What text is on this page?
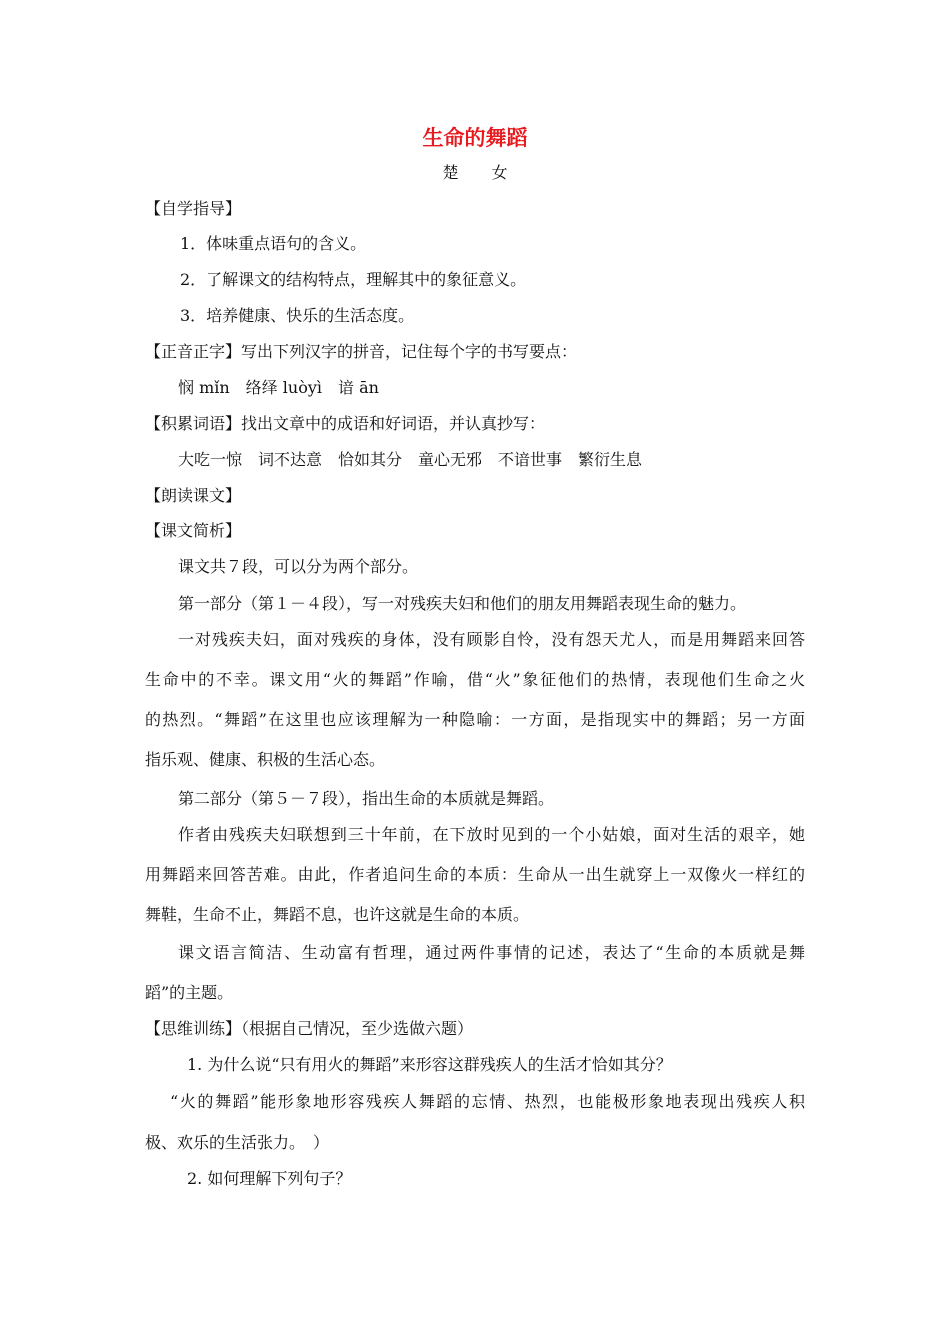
生命的舞蹈
楚 女
【自学指导】
1．体味重点语句的含义。
2．了解课文的结构特点，理解其中的象征意义。
3．培养健康、快乐的生活态度。
【正音正字】写出下列汉字的拼音，记住每个字的书写要点：
悯 mǐn　络绎 luòyì　谙 ān
【积累词语】找出文章中的成语和好词语，并认真抄写：
大吃一惊　词不达意　恰如其分　童心无邪　不谙世事　繁衍生息
【朗读课文】
【课文简析】
课文共７段，可以分为两个部分。
第一部分（第１－４段），写一对残疾夫妇和他们的朋友用舞蹈表现生命的魅力。
一对残疾夫妇，面对残疾的身体，没有顾影自怜，没有怨天尤人，而是用舞蹈来回答
生命中的不幸。课文用“火的舞蹈”作喻，借“火”象征他们的热情，表现他们生命之火
的热烈。“舞蹈”在这里也应该理解为一种隐喻：一方面，是指现实中的舞蹈；另一方面
指乐观、健康、积极的生活心态。
第二部分（第５－７段），指出生命的本质就是舞蹈。
作者由残疾夫妇联想到三十年前，在下放时见到的一个小姑娘，面对生活的艰辛，她
用舞蹈来回答苦难。由此，作者追问生命的本质：生命从一出生就穿上一双像火一样红的
舞鞋，生命不止，舞蹈不息，也许这就是生命的本质。
课文语言简洁、生动富有哲理，通过两件事情的记述，表达了“生命的本质就是舞
蹈”的主题。
【思维训练】（根据自己情况，至少选做六题）
1. 为什么说“只有用火的舞蹈”来形容这群残疾人的生活才恰如其分？
“火的舞蹈”能形象地形容残疾人舞蹈的忘情、热烈，也能极形象地表现出残疾人积
极、欢乐的生活张力。　）
2. 如何理解下列句子？
